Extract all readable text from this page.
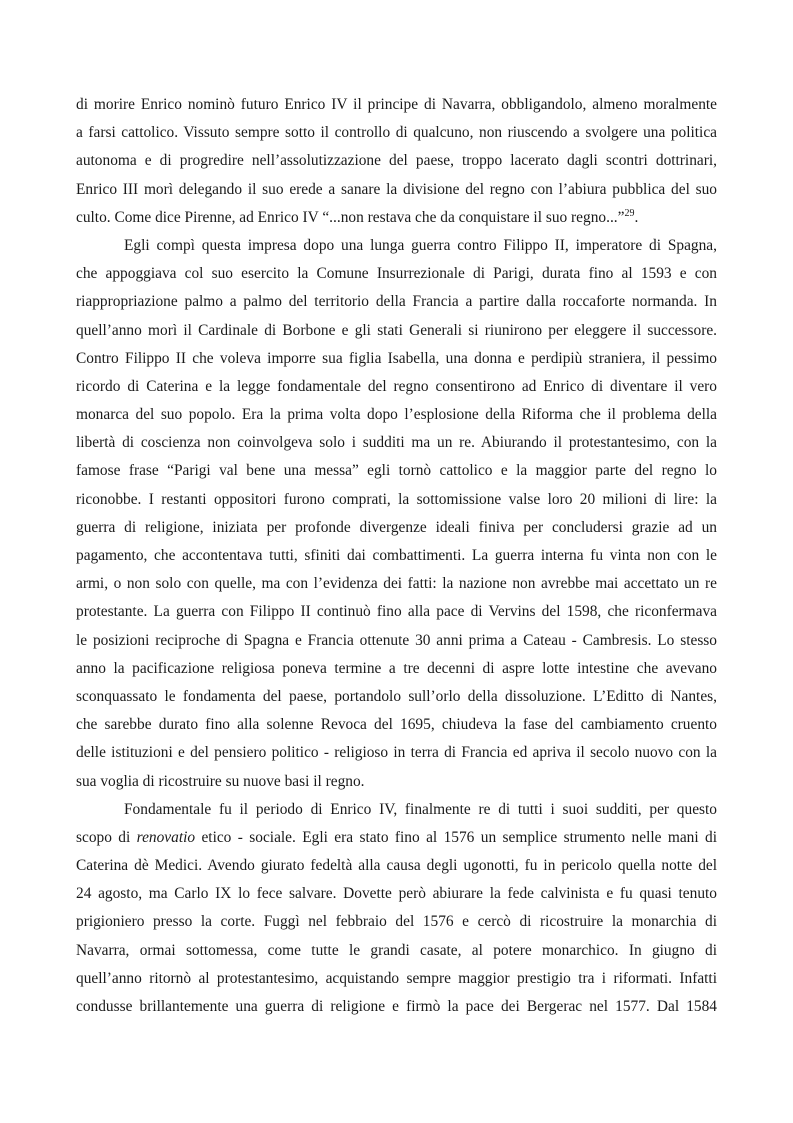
di morire Enrico nominò futuro Enrico IV il principe di Navarra, obbligandolo, almeno moralmente
a farsi cattolico. Vissuto sempre sotto il controllo di qualcuno, non riuscendo a svolgere una politica
autonoma e di progredire nell’assolutizzazione del paese, troppo lacerato dagli scontri dottrinari,
Enrico III morì delegando il suo erede a sanare la divisione del regno con l’abiura pubblica del suo
culto. Come dice Pirenne, ad Enrico IV “...non restava che da conquistare il suo regno...”$^{29}$.
Egli compì questa impresa dopo una lunga guerra contro Filippo II, imperatore di Spagna,
che appoggiava col suo esercito la Comune Insurrezionale di Parigi, durata fino al 1593 e con
riappropriazione palmo a palmo del territorio della Francia a partire dalla roccaforte normanda. In
quell’anno morì il Cardinale di Borbone e gli stati Generali si riunirono per eleggere il successore.
Contro Filippo II che voleva imporre sua figlia Isabella, una donna e perdipiù straniera, il pessimo
ricordo di Caterina e la legge fondamentale del regno consentirono ad Enrico di diventare il vero
monarca del suo popolo. Era la prima volta dopo l’esplosione della Riforma che il problema della
libertà di coscienza non coinvolgeva solo i sudditi ma un re. Abiurando il protestantesimo, con la
famose frase “Parigi val bene una messa” egli tornò cattolico e la maggior parte del regno lo
riconobbe. I restanti oppositori furono comprati, la sottomissione valse loro 20 milioni di lire: la
guerra di religione, iniziata per profonde divergenze ideali finiva per concludersi grazie ad un
pagamento, che accontentava tutti, sfiniti dai combattimenti. La guerra interna fu vinta non con le
armi, o non solo con quelle, ma con l’evidenza dei fatti: la nazione non avrebbe mai accettato un re
protestante. La guerra con Filippo II continuò fino alla pace di Vervins del 1598, che riconfermava
le posizioni reciproche di Spagna e Francia ottenute 30 anni prima a Cateau - Cambresis. Lo stesso
anno la pacificazione religiosa poneva termine a tre decenni di aspre lotte intestine che avevano
sconquassato le fondamenta del paese, portandolo sull’orlo della dissoluzione. L’Editto di Nantes,
che sarebbe durato fino alla solenne Revoca del 1695, chiudeva la fase del cambiamento cruento
delle istituzioni e del pensiero politico - religioso in terra di Francia ed apriva il secolo nuovo con la
sua voglia di ricostruire su nuove basi il regno.
Fondamentale fu il periodo di Enrico IV, finalmente re di tutti i suoi sudditi, per questo
scopo di renovatio etico - sociale. Egli era stato fino al 1576 un semplice strumento nelle mani di
Caterina dè Medici. Avendo giurato fedeltà alla causa degli ugonotti, fu in pericolo quella notte del
24 agosto, ma Carlo IX lo fece salvare. Dovette però abiurare la fede calvinista e fu quasi tenuto
prigioniero presso la corte. Fuggì nel febbraio del 1576 e cercò di ricostruire la monarchia di
Navarra, ormai sottomessa, come tutte le grandi casate, al potere monarchico. In giugno di
quell’anno ritornò al protestantesimo, acquistando sempre maggior prestigio tra i riformati. Infatti
condusse brillantemente una guerra di religione e firmò la pace dei Bergerac nel 1577. Dal 1584
